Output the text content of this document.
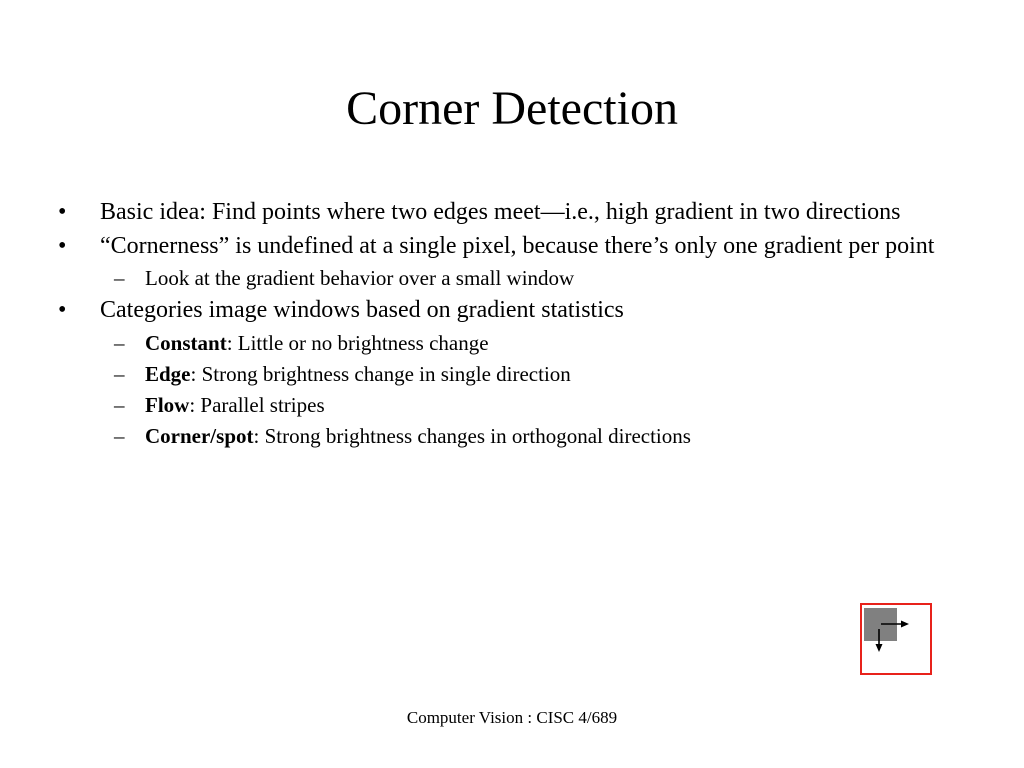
Corner Detection
•	Basic idea: Find points where two edges meet—i.e., high gradient in two directions
•	“Cornerness” is undefined at a single pixel, because there’s only one gradient per point
– Look at the gradient behavior over a small window
•	Categories image windows based on gradient statistics
– Constant: Little or no brightness change
– Edge: Strong brightness change in single direction
– Flow: Parallel stripes
– Corner/spot: Strong brightness changes in orthogonal directions
Computer Vision : CISC 4/689
